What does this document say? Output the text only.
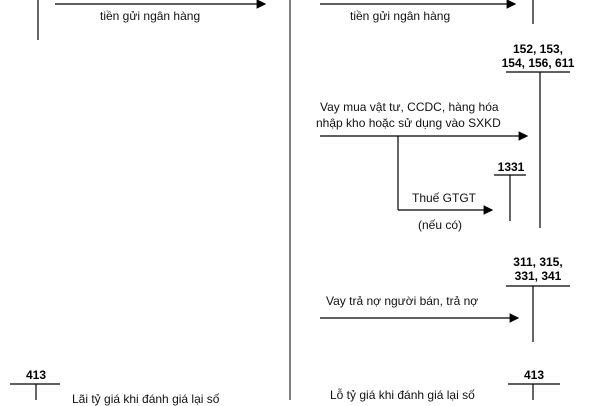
tiền gửi ngân hàng	tiền gửi ngân hàng
152, 153,
154, 156, 611
Vay mua vật tư, CCDC, hàng hóa
nhập kho hoặc sử dụng vào SXKD
1331
Thuế GTGT
(nếu có)
311, 315,
331, 341
Vay trả nợ người bán, trả nợ
413	413
Lỗ tỷ giá khi đánh giá lại số
Lãi tỷ giá khi đánh giá lại số
